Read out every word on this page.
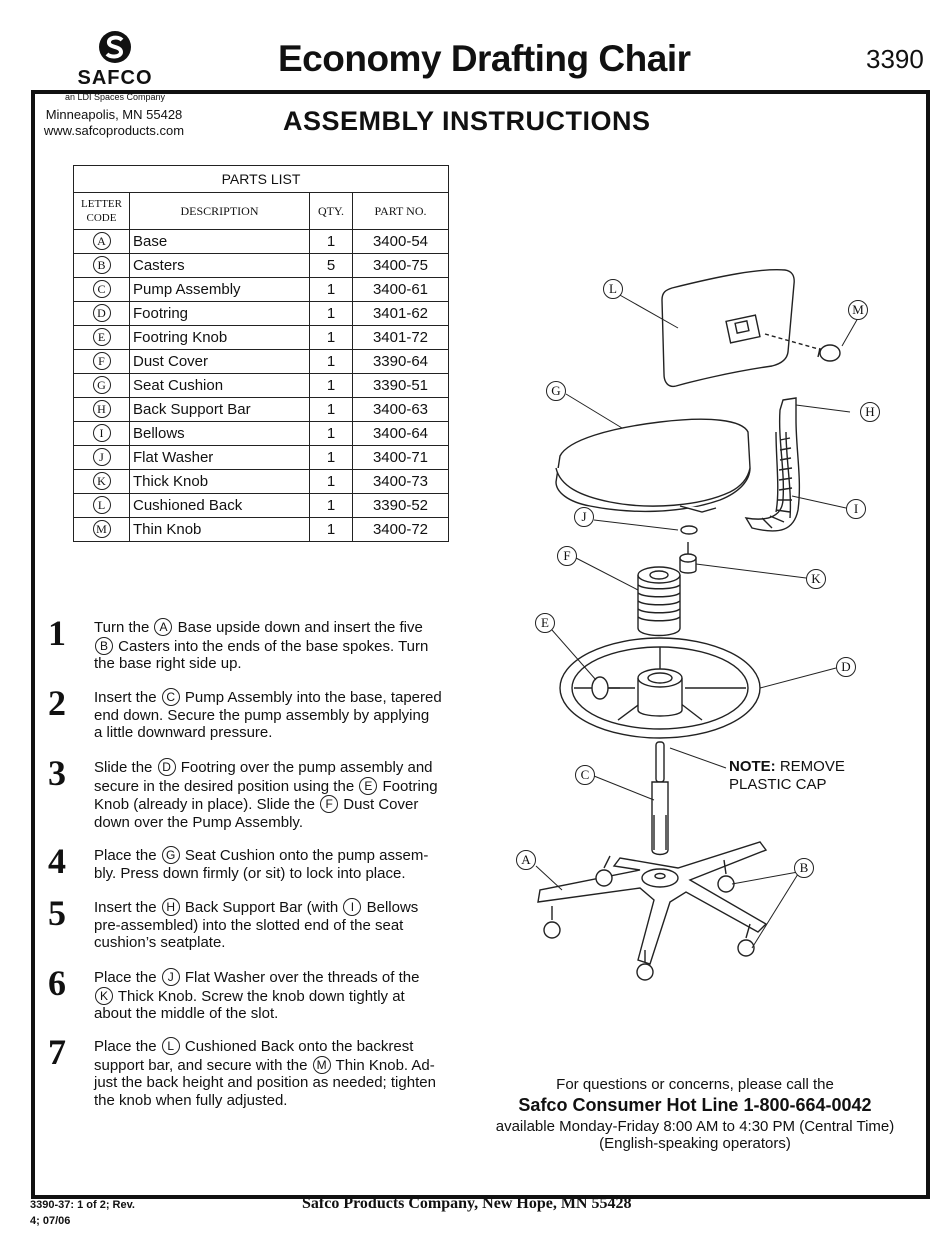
SAFCO
an LDI Spaces Company
Minneapolis, MN 55428
www.safcoproducts.com
Economy Drafting Chair	3390
ASSEMBLY INSTRUCTIONS
PARTS LIST			
LETTER
CODE	DESCRIPTION	QTY.	PART NO.
A	Base	1	3400-54
B	Casters	5	3400-75
C	Pump Assembly	1	3400-61
D	Footring	1	3401-62
E	Footring Knob	1	3401-72
F	Dust Cover	1	3390-64
G	Seat Cushion	1	3390-51
H	Back Support Bar	1	3400-63
I	Bellows	1	3400-64
J	Flat Washer	1	3400-71
K	Thick Knob	1	3400-73
L	Cushioned Back	1	3390-52
M	Thin Knob	1	3400-72
1 Turn the A Base upside down and insert the five
B Casters into the ends of the base spokes. Turn
the base right side up.
2 Insert the C Pump Assembly into the base, tapered
end down. Secure the pump assembly by applying
a little downward pressure.
3 Slide the D Footring over the pump assembly and
secure in the desired position using the E Footring
Knob (already in place). Slide the F Dust Cover
down over the Pump Assembly.
4 Place the G Seat Cushion onto the pump assem-
bly. Press down firmly (or sit) to lock into place.
5 Insert the H Back Support Bar (with I Bellows
pre-assembled) into the slotted end of the seat
cushion’s seatplate.
6 Place the J Flat Washer over the threads of the
K Thick Knob. Screw the knob down tightly at
about the middle of the slot.
7 Place the L Cushioned Back onto the backrest
support bar, and secure with the M Thin Knob. Ad-
just the back height and position as needed; tighten
the knob when fully adjusted.
L
M
G
H
I
J
F
K
E
D
C
A
B
NOTE: REMOVE
PLASTIC CAP
For questions or concerns, please call the
Safco Consumer Hot Line 1-800-664-0042
available Monday-Friday 8:00 AM to 4:30 PM (Central Time)
(English-speaking operators)
3390-37: 1 of 2; Rev.
4; 07/06
Safco Products Company, New Hope, MN 55428
